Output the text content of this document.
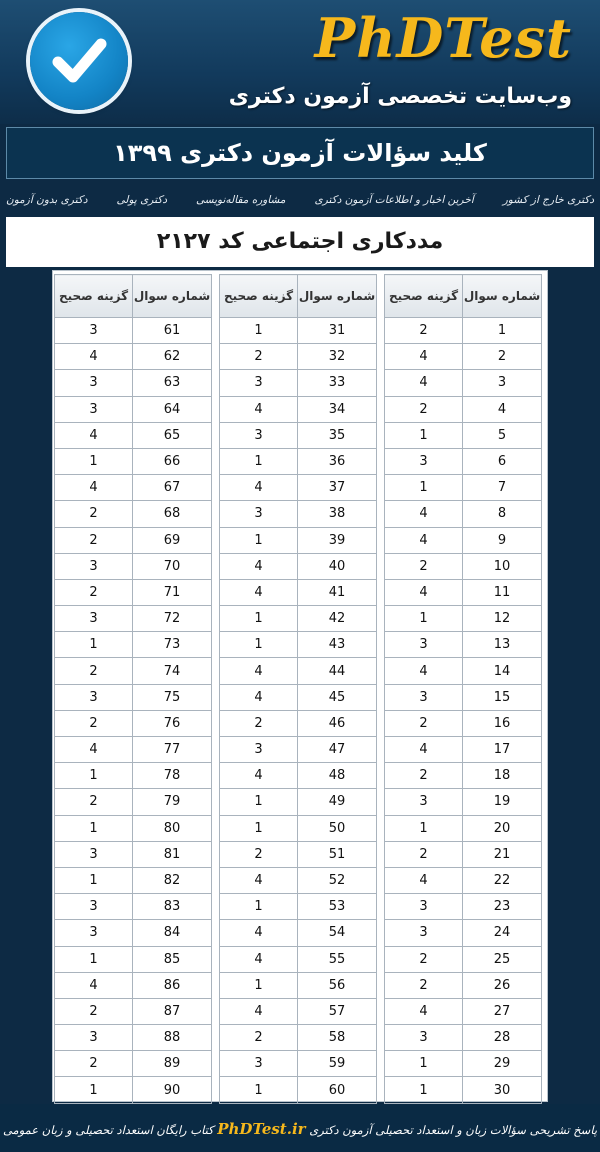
PhDTest
وب‌سایت تخصصی آزمون دکتری
کلید سؤالات آزمون دکتری ۱۳۹۹
دکتری بدون آزمون	دکتری پولی	مشاوره مقاله‌نویسی	آخرین اخبار و اطلاعات آزمون دکتری	دکتری خارج از کشور
مددکاری اجتماعی کد ۲۱۲۷
گزینه صحیح	شماره سوال
2	1
4	2
4	3
2	4
1	5
3	6
1	7
4	8
4	9
2	10
4	11
1	12
3	13
4	14
3	15
2	16
4	17
2	18
3	19
1	20
2	21
4	22
3	23
3	24
2	25
2	26
4	27
3	28
1	29
1	30
گزینه صحیح	شماره سوال
1	31
2	32
3	33
4	34
3	35
1	36
4	37
3	38
1	39
4	40
4	41
1	42
1	43
4	44
4	45
2	46
3	47
4	48
1	49
1	50
2	51
4	52
1	53
4	54
4	55
1	56
4	57
2	58
3	59
1	60
گزینه صحیح	شماره سوال
3	61
4	62
3	63
3	64
4	65
1	66
4	67
2	68
2	69
3	70
2	71
3	72
1	73
2	74
3	75
2	76
4	77
1	78
2	79
1	80
3	81
1	82
3	83
3	84
1	85
4	86
2	87
3	88
2	89
1	90

پاسخ تشریحی سؤالات زبان و استعداد تحصیلی آزمون دکتری PhDTest.ir کتاب رایگان استعداد تحصیلی و زبان عمومی
